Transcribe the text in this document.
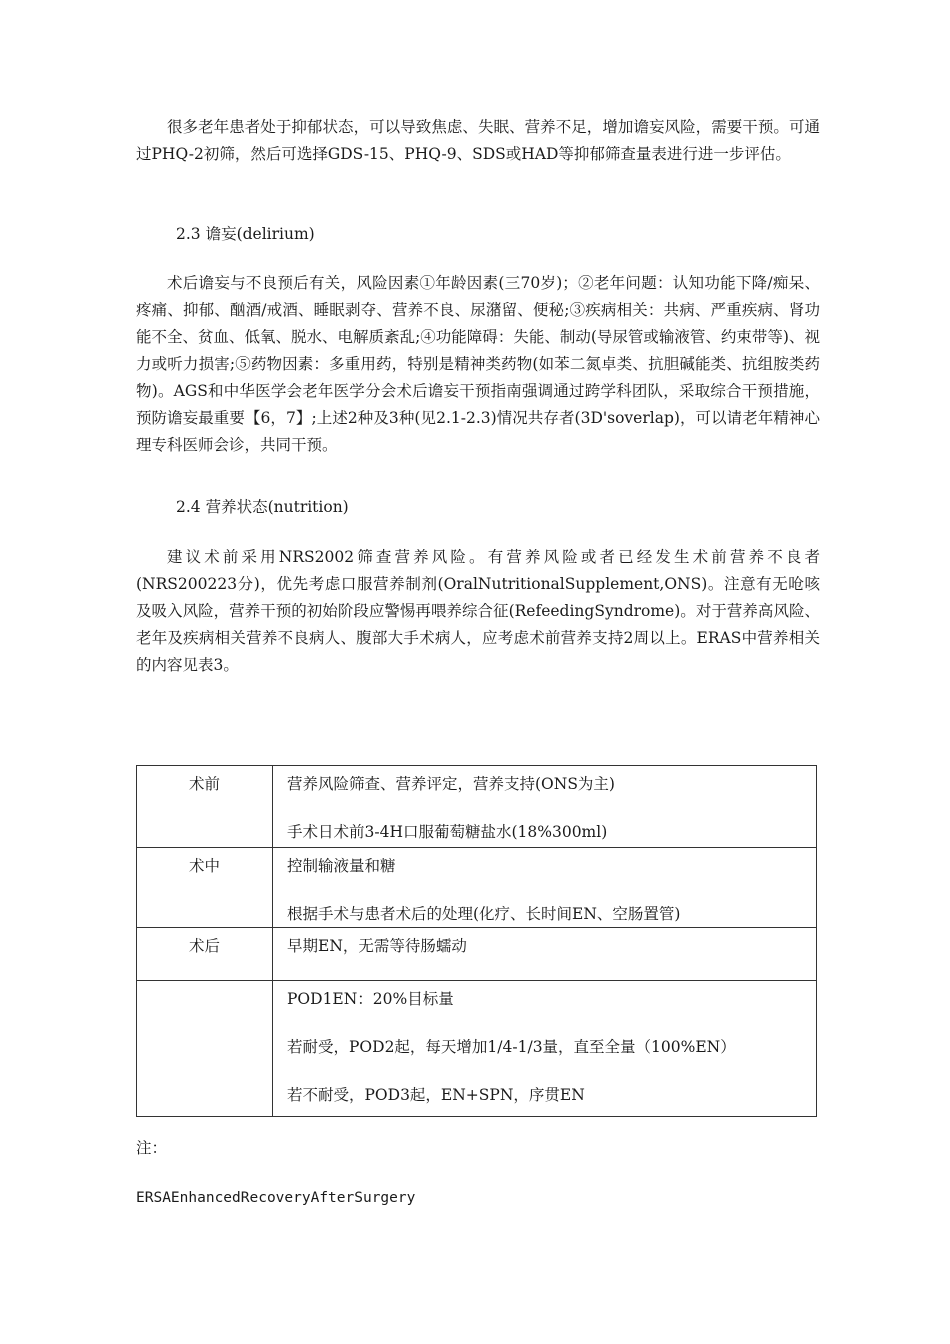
很多老年患者处于抑郁状态，可以导致焦虑、失眠、营养不足，增加谵妄风险，需要干预。可通过PHQ-2初筛，然后可选择GDS-15、PHQ-9、SDS或HAD等抑郁筛查量表进行进一步评估。

2.3 谵妄(delirium)

术后谵妄与不良预后有关，风险因素①年龄因素(三70岁)；②老年问题：认知功能下降/痴呆、疼痛、抑郁、酗酒/戒酒、睡眠剥夺、营养不良、尿潴留、便秘;③疾病相关：共病、严重疾病、肾功能不全、贫血、低氧、脱水、电解质紊乱;④功能障碍：失能、制动(导尿管或输液管、约束带等)、视力或听力损害;⑤药物因素：多重用药，特别是精神类药物(如苯二氮卓类、抗胆碱能类、抗组胺类药物)。AGS和中华医学会老年医学分会术后谵妄干预指南强调通过跨学科团队，采取综合干预措施，预防谵妄最重要【6，7】;上述2种及3种(见2.1-2.3)情况共存者(3D'soverlap)，可以请老年精神心理专科医师会诊，共同干预。

2.4 营养状态(nutrition)

建议术前采用NRS2002筛查营养风险。有营养风险或者已经发生术前营养不良者(NRS200223分)，优先考虑口服营养制剂(OralNutritionalSupplement,ONS)。注意有无呛咳及吸入风险，营养干预的初始阶段应警惕再喂养综合征(RefeedingSyndrome)。对于营养高风险、老年及疾病相关营养不良病人、腹部大手术病人，应考虑术前营养支持2周以上。ERAS中营养相关的内容见表3。

术前	营养风险筛查、营养评定，营养支持(ONS为主)

手术日术前3-4H口服葡萄糖盐水(18%300ml)

术中	控制输液量和糖

根据手术与患者术后的处理(化疗、长时间EN、空肠置管)

术后	早期EN，无需等待肠蠕动

	POD1EN：20%目标量

若耐受，POD2起，每天增加1/4-1/3量，直至全量（100%EN）

若不耐受，POD3起，EN+SPN，序贯EN

注：

ERSAEnhancedRecoveryAfterSurgery
